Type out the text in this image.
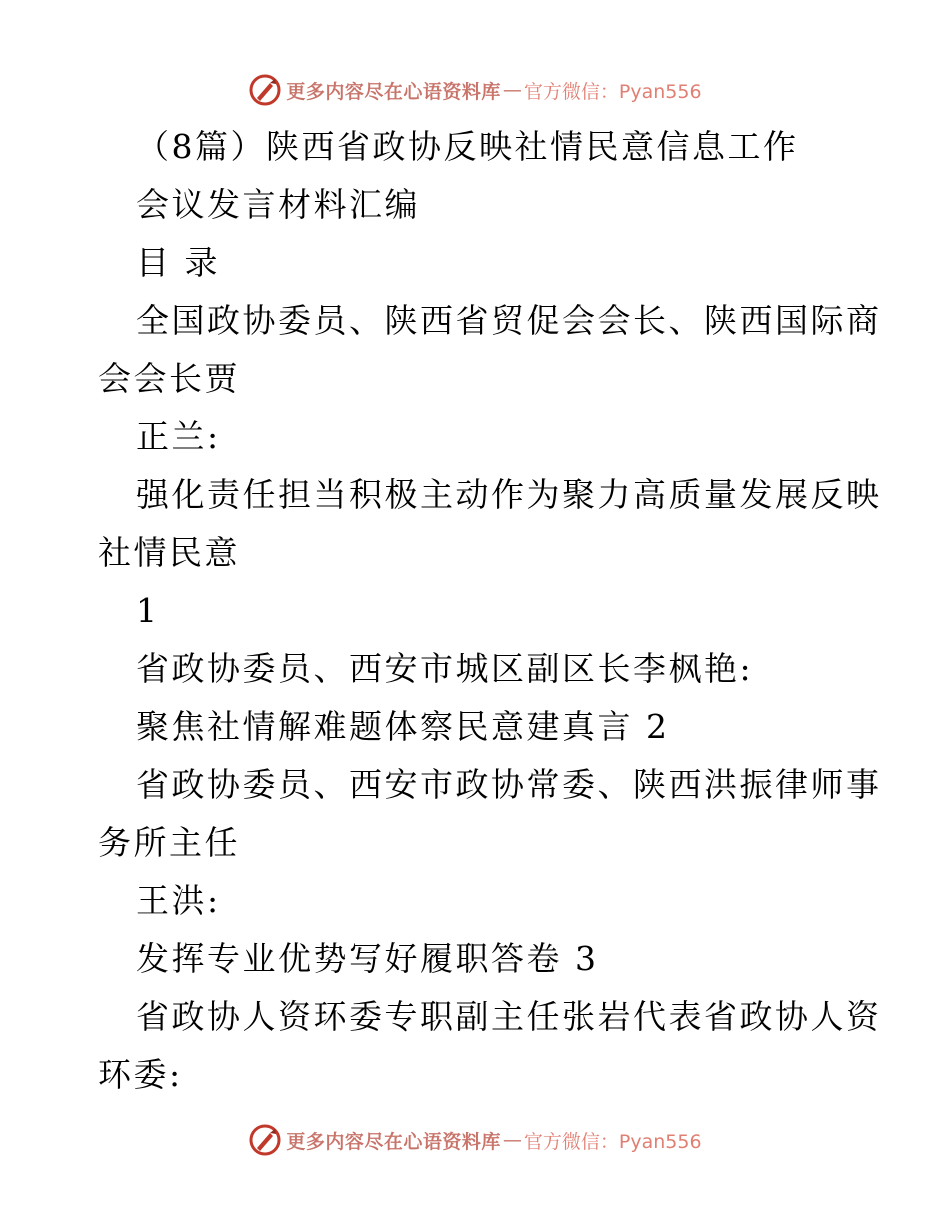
更多内容尽在心语资料库 — 官方微信：Pyan556
（8篇）陕西省政协反映社情民意信息工作
会议发言材料汇编
目 录
全国政协委员、陕西省贸促会会长、陕西国际商
会会长贾
正兰:
强化责任担当积极主动作为聚力高质量发展反映
社情民意
1
省政协委员、西安市城区副区长李枫艳:
聚焦社情解难题体察民意建真言 2
省政协委员、西安市政协常委、陕西洪振律师事
务所主任
王洪:
发挥专业优势写好履职答卷 3
省政协人资环委专职副主任张岩代表省政协人资
环委:
更多内容尽在心语资料库 — 官方微信：Pyan556
